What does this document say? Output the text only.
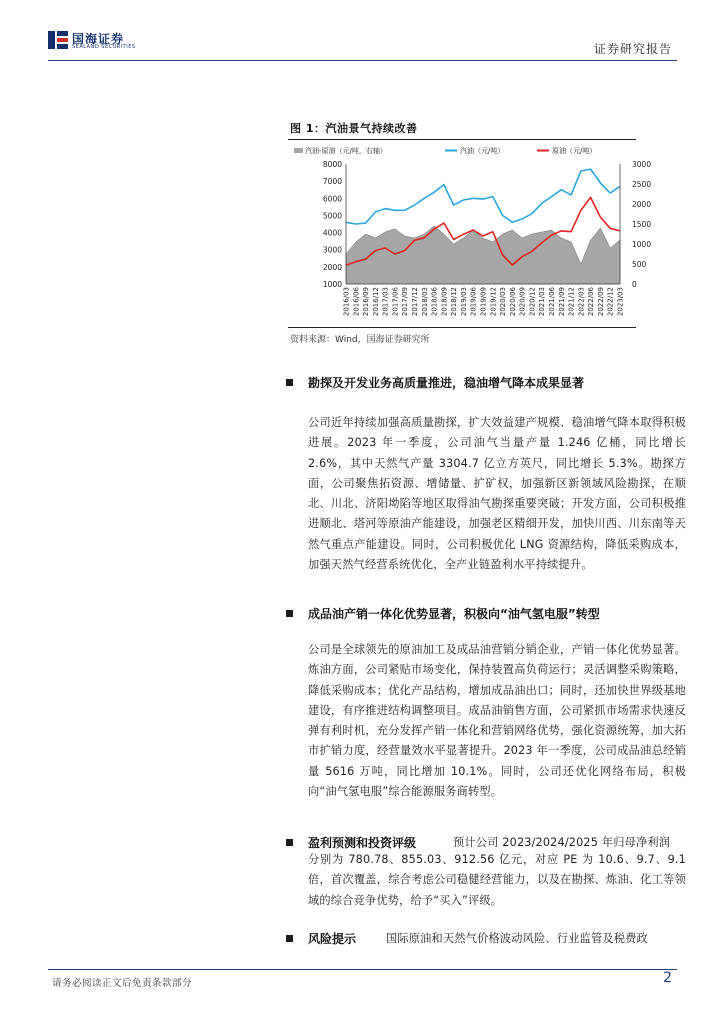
国海证券
SEALAND SECURITIES	证券研究报告
图 1：汽油景气持续改善
汽油-原油（元/吨，右轴）	汽油（元/吨）	原油（元/吨）
1000
2000
3000
4000
5000
6000
7000
8000
0
500
1000
1500
2000
2500
3000
2016/03 2016/06 2016/09 2016/12 2017/03 2017/06 2017/09 2017/12 2018/03 2018/06 2018/09 2018/12 2019/03 2019/06 2019/09 2019/12 2020/03 2020/06 2020/09 2020/12 2021/03 2021/06 2021/09 2021/12 2022/03 2022/06 2022/09 2022/12 2023/03
资料来源：Wind，国海证券研究所
勘探及开发业务高质量推进，稳油增气降本成果显著
公司近年持续加强高质量勘探，扩大效益建产规模、稳油增气降本取得积极进展。2023 年一季度，公司油气当量产量 1.246 亿桶，同比增长 2.6%，其中天然气产量 3304.7 亿立方英尺，同比增长 5.3%。勘探方面，公司聚焦拓资源、增储量、扩矿权，加强新区新领域风险勘探，在顺北、川北、济阳坳陷等地区取得油气勘探重要突破；开发方面，公司积极推进顺北、塔河等原油产能建设，加强老区精细开发，加快川西、川东南等天然气重点产能建设。同时，公司积极优化 LNG 资源结构，降低采购成本，加强天然气经营系统优化，全产业链盈利水平持续提升。
成品油产销一体化优势显著，积极向“油气氢电服”转型
公司是全球领先的原油加工及成品油营销分销企业，产销一体化优势显著。炼油方面，公司紧贴市场变化，保持装置高负荷运行；灵活调整采购策略，降低采购成本；优化产品结构，增加成品油出口；同时，还加快世界级基地建设，有序推进结构调整项目。成品油销售方面，公司紧抓市场需求快速反弹有利时机，充分发挥产销一体化和营销网络优势，强化资源统筹，加大拓市扩销力度，经营量效水平显著提升。2023 年一季度，公司成品油总经销量 5616 万吨，同比增加 10.1%。同时，公司还优化网络布局，积极向“油气氢电服”综合能源服务商转型。
盈利预测和投资评级	预计公司 2023/2024/2025 年归母净利润
分别为 780.78、855.03、912.56 亿元，对应 PE 为 10.6、9.7、9.1 倍，首次覆盖，综合考虑公司稳健经营能力，以及在勘探、炼油、化工等领域的综合竞争优势，给予“买入”评级。
风险提示	国际原油和天然气价格波动风险、行业监管及税费政
请务必阅读正文后免责条款部分	2
